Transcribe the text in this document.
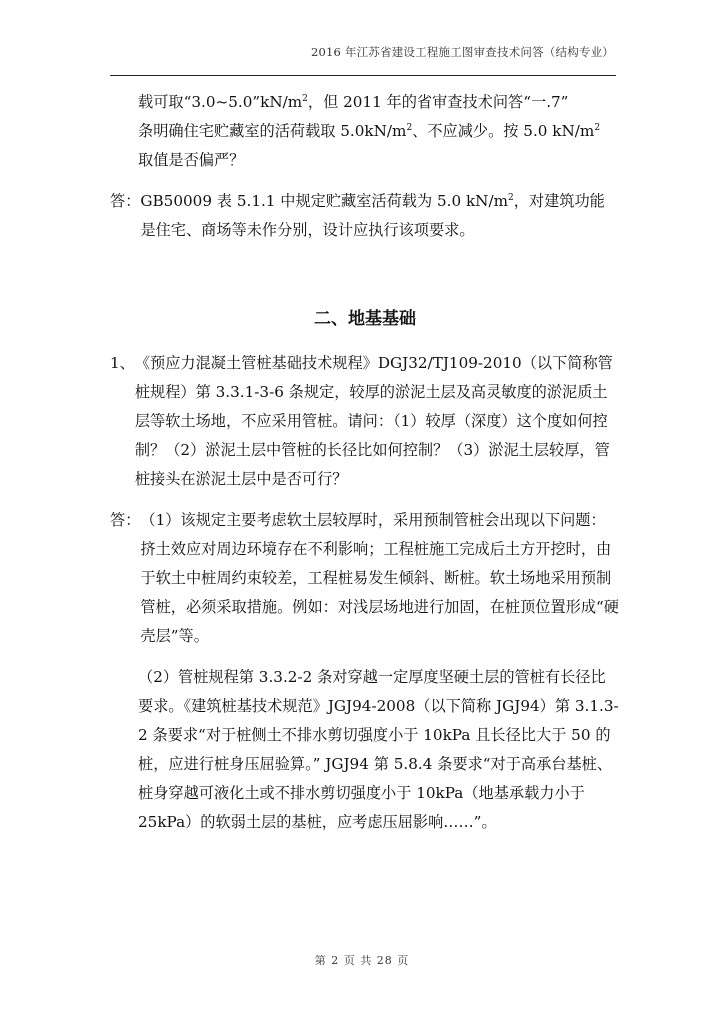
2016 年江苏省建设工程施工图审查技术问答（结构专业）
载可取“$3.0\sim 5.0”kN/m^2$，但 2011 年的省审查技术问答“一.7”
条明确住宅贮藏室的活荷载取 $5.0kN/m^2$、不应减少。按 5.0 $kN/m^2$
取值是否偏严？
答： GB50009 表 5.1.1 中规定贮藏室活荷载为 5.0 $kN/m^2$，对建筑功能是住宅、商场等未作分别，设计应执行该项要求。
二、地基基础
1、 《预应力混凝土管桩基础技术规程》DGJ32/TJ109-2010（以下简称管桩规程）第 3.3.1-3-6 条规定，较厚的淤泥土层及高灵敏度的淤泥质土层等软土场地，不应采用管桩。请问：（1）较厚（深度）这个度如何控制？（2）淤泥土层中管桩的长径比如何控制？（3）淤泥土层较厚，管桩接头在淤泥土层中是否可行？
答： （1）该规定主要考虑软土层较厚时，采用预制管桩会出现以下问题：挤土效应对周边环境存在不利影响；工程桩施工完成后土方开挖时，由于软土中桩周约束较差，工程桩易发生倾斜、断桩。软土场地采用预制管桩，必须采取措施。例如：对浅层场地进行加固，在桩顶位置形成“硬壳层”等。
（2）管桩规程第 3.3.2-2 条对穿越一定厚度坚硬土层的管桩有长径比要求。《建筑桩基技术规范》JGJ94-2008（以下简称 JGJ94）第 3.1.3-2 条要求“对于桩侧土不排水剪切强度小于 10kPa 且长径比大于 50 的桩，应进行桩身压屈验算。” JGJ94 第 5.8.4 条要求“对于高承台基桩、桩身穿越可液化土或不排水剪切强度小于 10kPa（地基承载力小于 25kPa）的软弱土层的基桩，应考虑压屈影响……”。
第 2 页 共 28 页
